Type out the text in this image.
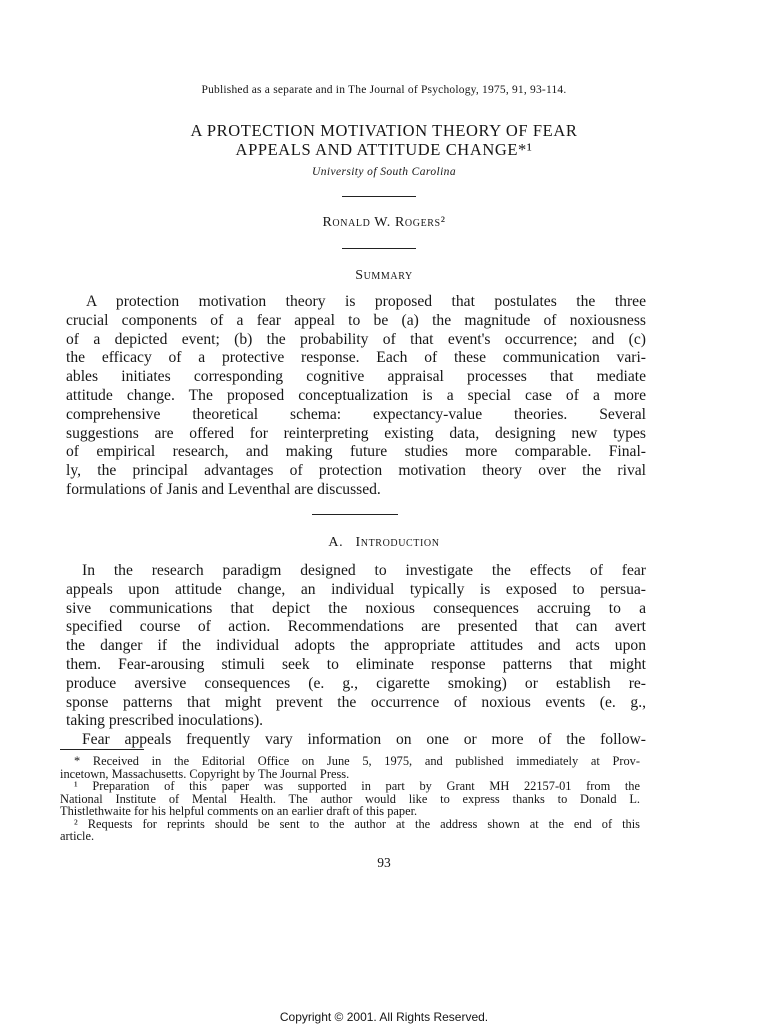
Published as a separate and in The Journal of Psychology, 1975, 91, 93-114.
A PROTECTION MOTIVATION THEORY OF FEAR
APPEALS AND ATTITUDE CHANGE*¹
University of South Carolina
Ronald W. Rogers²
Summary
A protection motivation theory is proposed that postulates the three
crucial components of a fear appeal to be (a) the magnitude of noxiousness
of a depicted event; (b) the probability of that event's occurrence; and (c)
the efficacy of a protective response. Each of these communication vari-
ables initiates corresponding cognitive appraisal processes that mediate
attitude change. The proposed conceptualization is a special case of a more
comprehensive theoretical schema: expectancy-value theories. Several
suggestions are offered for reinterpreting existing data, designing new types
of empirical research, and making future studies more comparable. Final-
ly, the principal advantages of protection motivation theory over the rival
formulations of Janis and Leventhal are discussed.
A.   Introduction
In the research paradigm designed to investigate the effects of fear
appeals upon attitude change, an individual typically is exposed to persua-
sive communications that depict the noxious consequences accruing to a
specified course of action. Recommendations are presented that can avert
the danger if the individual adopts the appropriate attitudes and acts upon
them. Fear-arousing stimuli seek to eliminate response patterns that might
produce aversive consequences (e. g., cigarette smoking) or establish re-
sponse patterns that might prevent the occurrence of noxious events (e. g.,
taking prescribed inoculations).
Fear appeals frequently vary information on one or more of the follow-
* Received in the Editorial Office on June 5, 1975, and published immediately at Prov-
incetown, Massachusetts. Copyright by The Journal Press.
¹ Preparation of this paper was supported in part by Grant MH 22157-01 from the
National Institute of Mental Health. The author would like to express thanks to Donald L.
Thistlethwaite for his helpful comments on an earlier draft of this paper.
² Requests for reprints should be sent to the author at the address shown at the end of this
article.
93
Copyright © 2001. All Rights Reserved.
